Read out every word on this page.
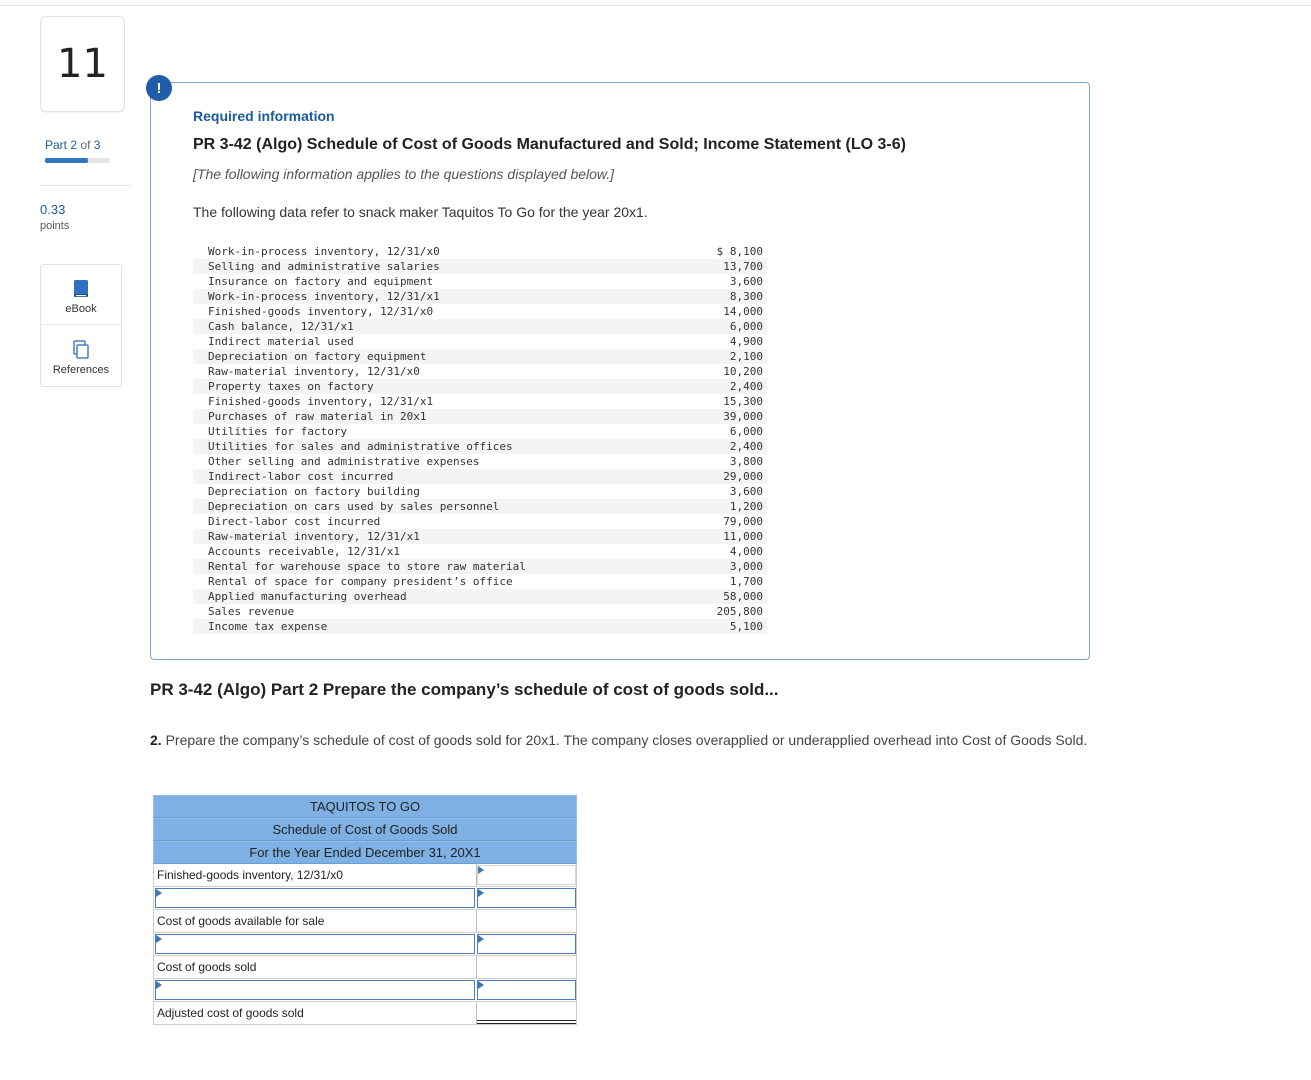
11
Part 2 of 3
0.33
points
eBook
References
!
Required information
PR 3-42 (Algo) Schedule of Cost of Goods Manufactured and Sold; Income Statement (LO 3-6)
[The following information applies to the questions displayed below.]
The following data refer to snack maker Taquitos To Go for the year 20x1.
Work-in-process inventory, 12/31/x0	$ 8,100
Selling and administrative salaries	13,700
Insurance on factory and equipment	3,600
Work-in-process inventory, 12/31/x1	8,300
Finished-goods inventory, 12/31/x0	14,000
Cash balance, 12/31/x1	6,000
Indirect material used	4,900
Depreciation on factory equipment	2,100
Raw-material inventory, 12/31/x0	10,200
Property taxes on factory	2,400
Finished-goods inventory, 12/31/x1	15,300
Purchases of raw material in 20x1	39,000
Utilities for factory	6,000
Utilities for sales and administrative offices	2,400
Other selling and administrative expenses	3,800
Indirect-labor cost incurred	29,000
Depreciation on factory building	3,600
Depreciation on cars used by sales personnel	1,200
Direct-labor cost incurred	79,000
Raw-material inventory, 12/31/x1	11,000
Accounts receivable, 12/31/x1	4,000
Rental for warehouse space to store raw material	3,000
Rental of space for company president’s office	1,700
Applied manufacturing overhead	58,000
Sales revenue	205,800
Income tax expense	5,100
PR 3-42 (Algo) Part 2 Prepare the company’s schedule of cost of goods sold...
2. Prepare the company’s schedule of cost of goods sold for 20x1. The company closes overapplied or underapplied overhead into Cost of Goods Sold.
TAQUITOS TO GO
Schedule of Cost of Goods Sold
For the Year Ended December 31, 20X1
Finished-goods inventory, 12/31/x0
Cost of goods available for sale
Cost of goods sold
Adjusted cost of goods sold
